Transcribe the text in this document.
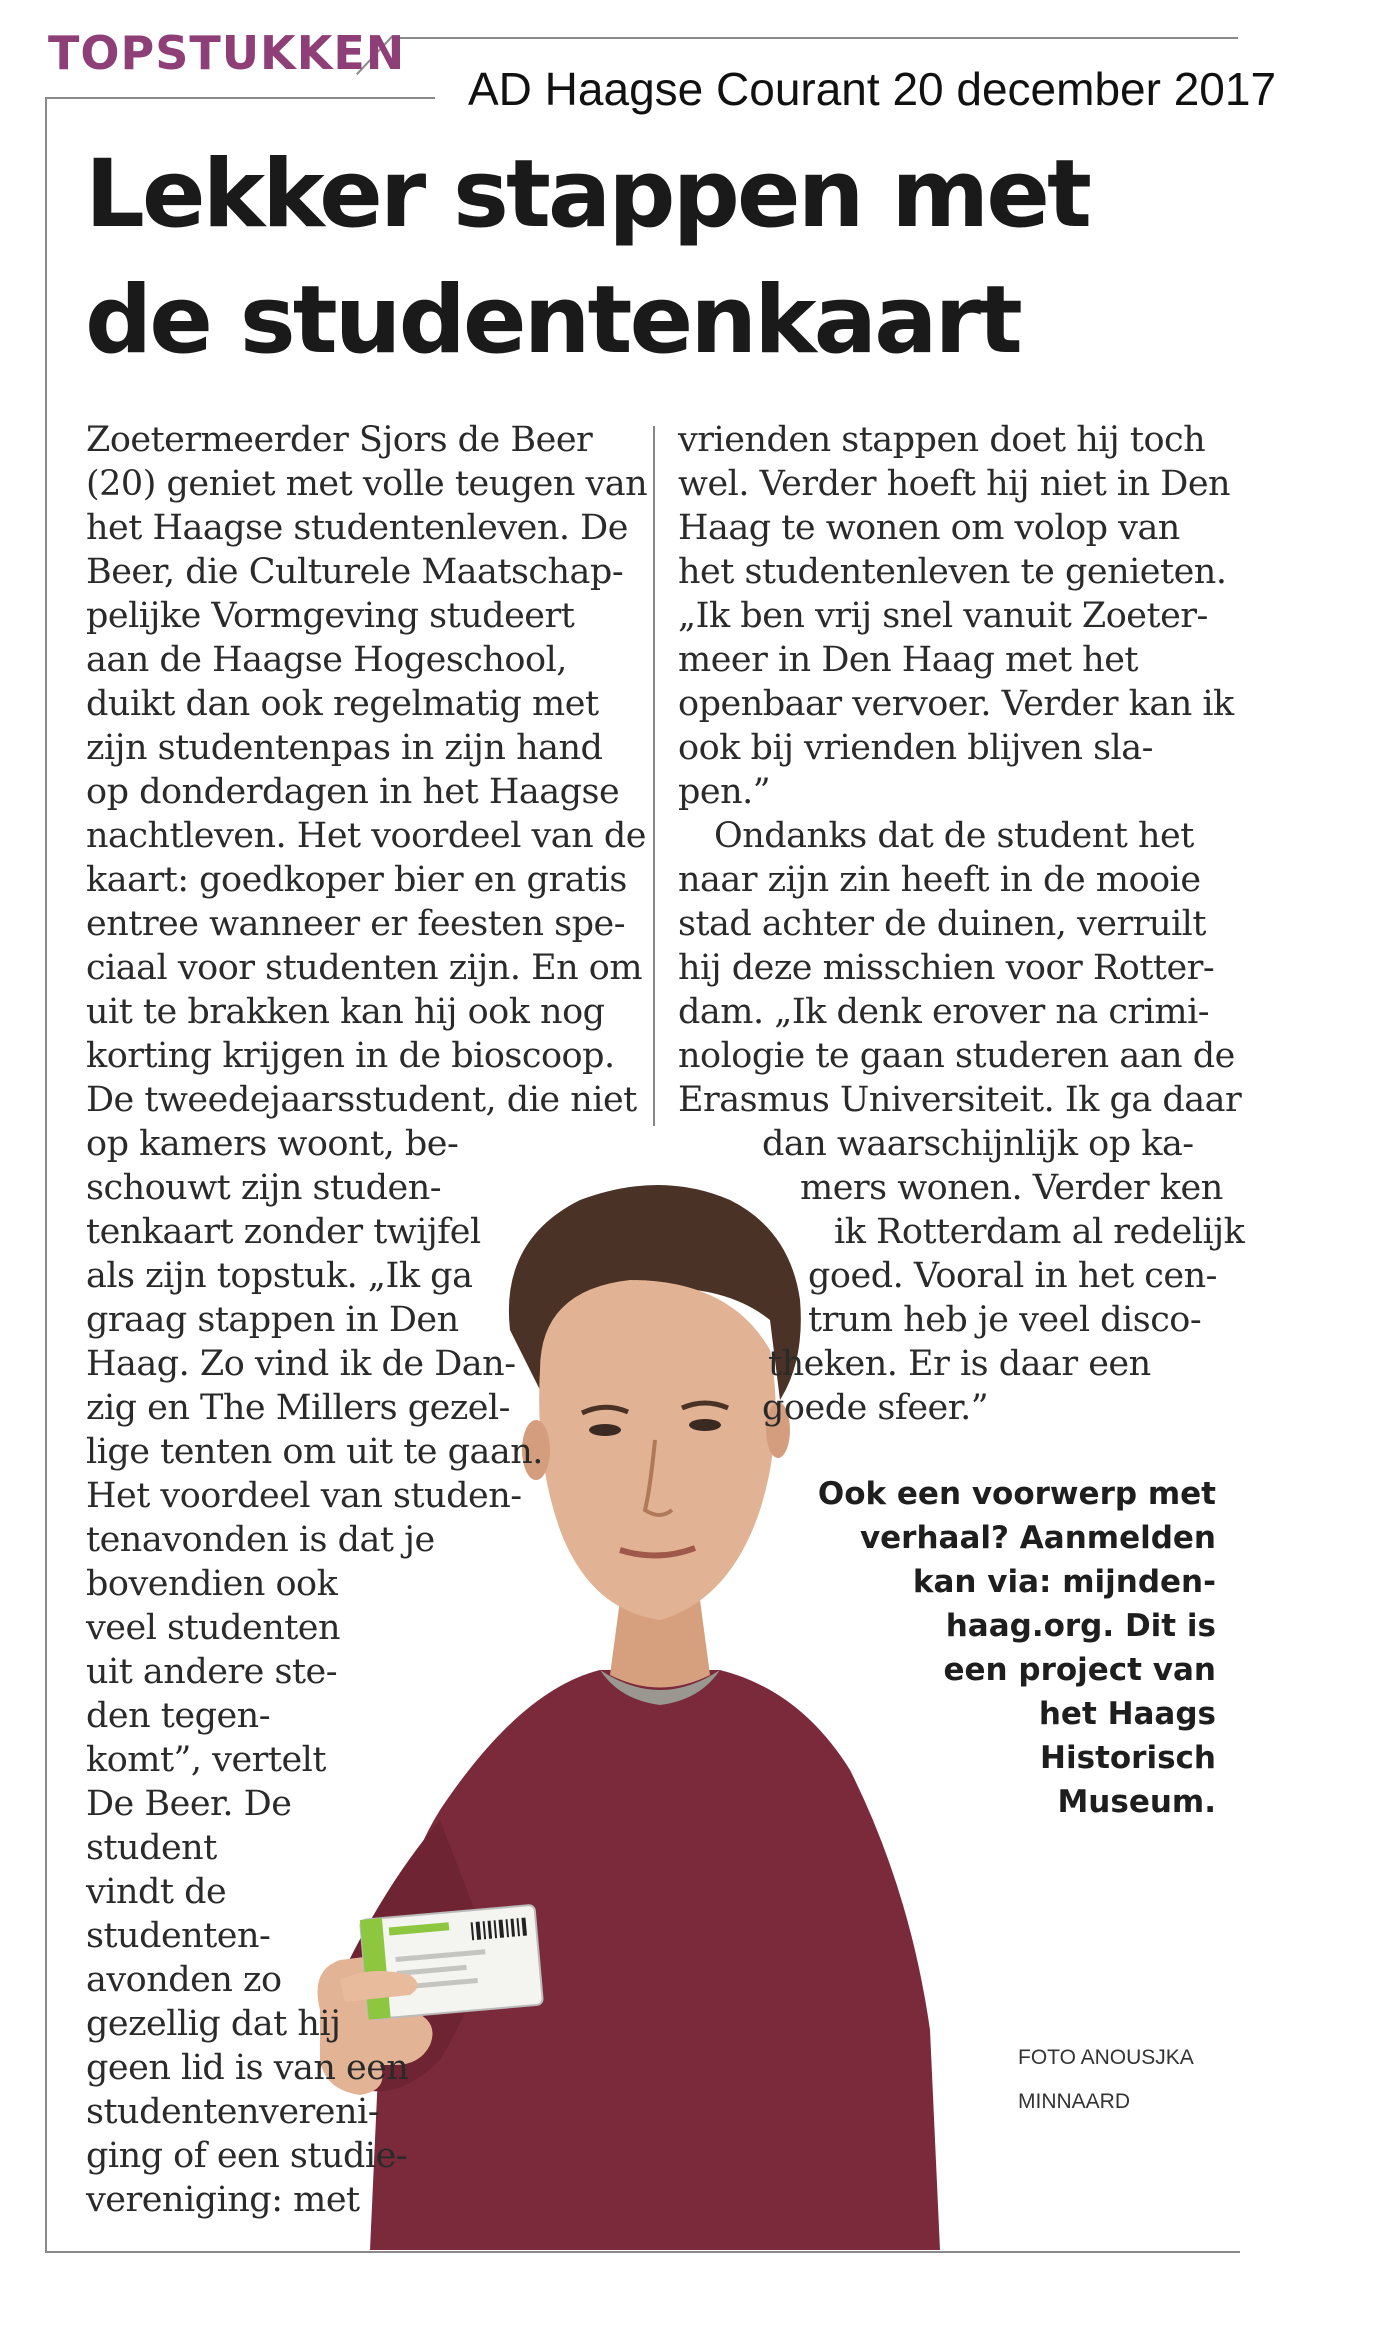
TOPSTUKKEN
AD Haagse Courant 20 december 2017
Lekker stappen met
de studentenkaart
Zoetermeerder Sjors de Beer
(20) geniet met volle teugen van
het Haagse studentenleven. De
Beer, die Culturele Maatschap-
pelijke Vormgeving studeert
aan de Haagse Hogeschool,
duikt dan ook regelmatig met
zijn studentenpas in zijn hand
op donderdagen in het Haagse
nachtleven. Het voordeel van de
kaart: goedkoper bier en gratis
entree wanneer er feesten spe-
ciaal voor studenten zijn. En om
uit te brakken kan hij ook nog
korting krijgen in de bioscoop.
De tweedejaarsstudent, die niet
op kamers woont, be-
schouwt zijn studen-
tenkaart zonder twijfel
als zijn topstuk. „Ik ga
graag stappen in Den
Haag. Zo vind ik de Dan-
zig en The Millers gezel-
lige tenten om uit te gaan.
Het voordeel van studen-
tenavonden is dat je
bovendien ook
veel studenten
uit andere ste-
den tegen-
komt”, vertelt
De Beer. De
student
vindt de
studenten-
avonden zo
gezellig dat hij
geen lid is van een
studentenvereni-
ging of een studie-
vereniging: met
vrienden stappen doet hij toch
wel. Verder hoeft hij niet in Den
Haag te wonen om volop van
het studentenleven te genieten.
„Ik ben vrij snel vanuit Zoeter-
meer in Den Haag met het
openbaar vervoer. Verder kan ik
ook bij vrienden blijven sla-
pen.”
Ondanks dat de student het
naar zijn zin heeft in de mooie
stad achter de duinen, verruilt
hij deze misschien voor Rotter-
dam. „Ik denk erover na crimi-
nologie te gaan studeren aan de
Erasmus Universiteit. Ik ga daar
dan waarschijnlijk op ka-
mers wonen. Verder ken
ik Rotterdam al redelijk
goed. Vooral in het cen-
trum heb je veel disco-
theken. Er is daar een
goede sfeer.”
Ook een voorwerp met
verhaal? Aanmelden
kan via: mijnden-
haag.org. Dit is
een project van
het Haags
Historisch
Museum.
FOTO ANOUSJKA
MINNAARD
